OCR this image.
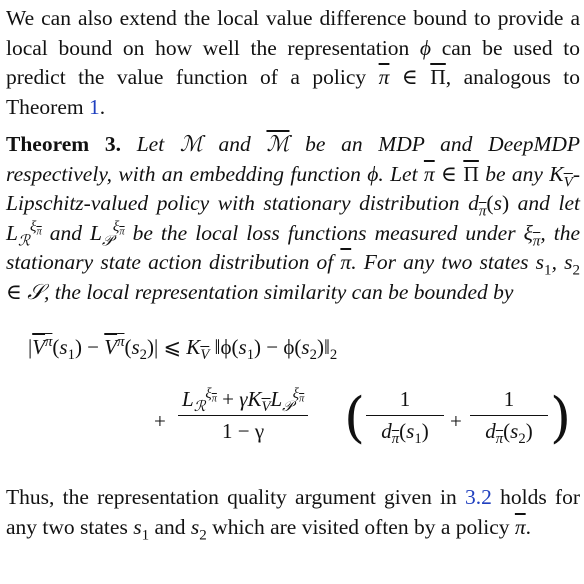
We can also extend the local value difference bound to provide a local bound on how well the representation ϕ can be used to predict the value function of a policy $\overline{\pi}$ ∈ $\overline{\Pi}$, analogous to Theorem 1.

Theorem 3. Let ℳ and ℳ be an MDP and DeepMDP respectively, with an embedding function ϕ. Let $\overline{\pi}$ ∈ $\overline{\Pi}$ be any $K_{\overline{V}}-Lipschitz$-valued policy with stationary distribution $d_{\overline{\pi}}(s)$ and let $L_ℛ^{\xi_{\overline{\pi}}}$ and $L_𝒫^{\xi_{\overline{\pi}}}$ be the local loss functions measured under $\xi_{\overline{\pi}}$, the stationary state action distribution of $\overline{\pi}$. For any two states $s_1$, $s_2$ ∈ 𝒮, the local representation similarity can be bounded by
$|\overline{V}^{\overline{\pi}}(s_1) - \overline{V}^{\overline{\pi}}(s_2)|$ ⩽ $K_{\overline{V}}$ $‖\phi(s_1)$ − $\phi(s_2)‖_2$
+
$L_ℛ^{\xi_{\overline{\pi}}} + \gamma K_{\overline{V}}L_𝒫^{\xi_{\overline{\pi}}}$
1 − γ ( 1
$d_{\overline{\pi}}(s_1)$ +
1
$d_{\overline{\pi}}(s_2)$ )

Thus, the representation quality argument given in 3.2 holds for any two states $s_1$ and $s_2$ which are visited often by a policy $\overline{\pi}$.
